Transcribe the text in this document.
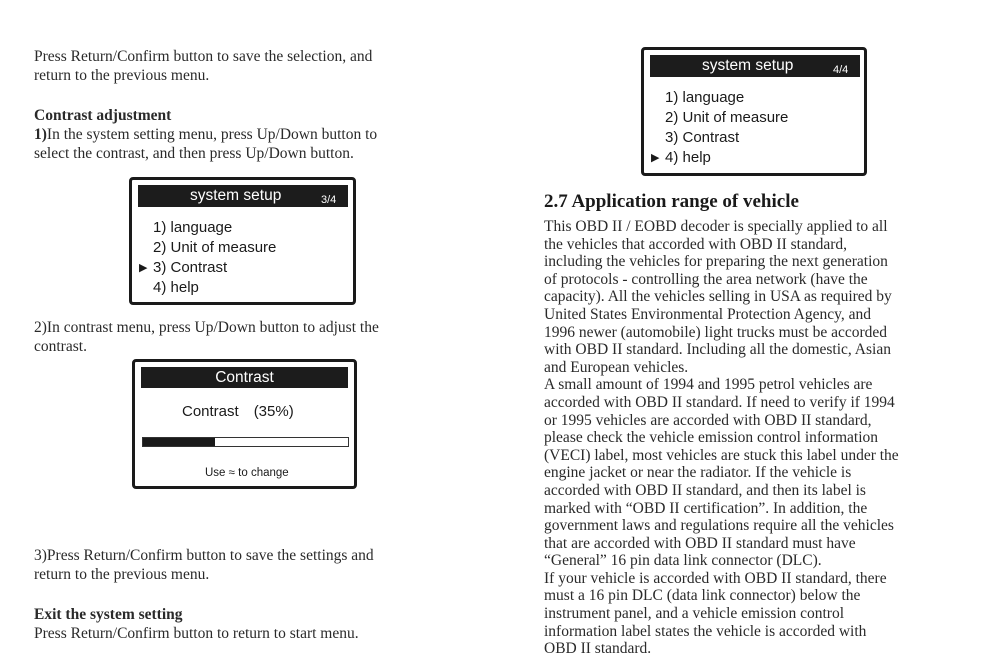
Press Return/Confirm button to save the selection, and
return to the previous menu.
Contrast adjustment
1)In the system setting menu, press Up/Down button to
select the contrast, and then press Up/Down button.
system setup	3/4
1) language
2) Unit of measure
▶ 3) Contrast
4) help
2)In contrast menu, press Up/Down button to adjust the
contrast.
Contrast
Contrast　(35%)
Use ≈ to change
3)Press Return/Confirm button to save the settings and
return to the previous menu.
Exit the system setting
Press Return/Confirm button to return to start menu.
system setup	4/4
1) language
2) Unit of measure
3) Contrast
▶ 4) help
2.7 Application range of vehicle
This OBD II / EOBD decoder is specially applied to all
the vehicles that accorded with OBD II standard,
including the vehicles for preparing the next generation
of protocols - controlling the area network (have the
capacity). All the vehicles selling in USA as required by
United States Environmental Protection Agency, and
1996 newer (automobile) light trucks must be accorded
with OBD II standard. Including all the domestic, Asian
and European vehicles.
A small amount of 1994 and 1995 petrol vehicles are
accorded with OBD II standard. If need to verify if 1994
or 1995 vehicles are accorded with OBD II standard,
please check the vehicle emission control information
(VECI) label, most vehicles are stuck this label under the
engine jacket or near the radiator. If the vehicle is
accorded with OBD II standard, and then its label is
marked with “OBD II certification”. In addition, the
government laws and regulations require all the vehicles
that are accorded with OBD II standard must have
“General” 16 pin data link connector (DLC).
If your vehicle is accorded with OBD II standard, there
must a 16 pin DLC (data link connector) below the
instrument panel, and a vehicle emission control
information label states the vehicle is accorded with
OBD II standard.
